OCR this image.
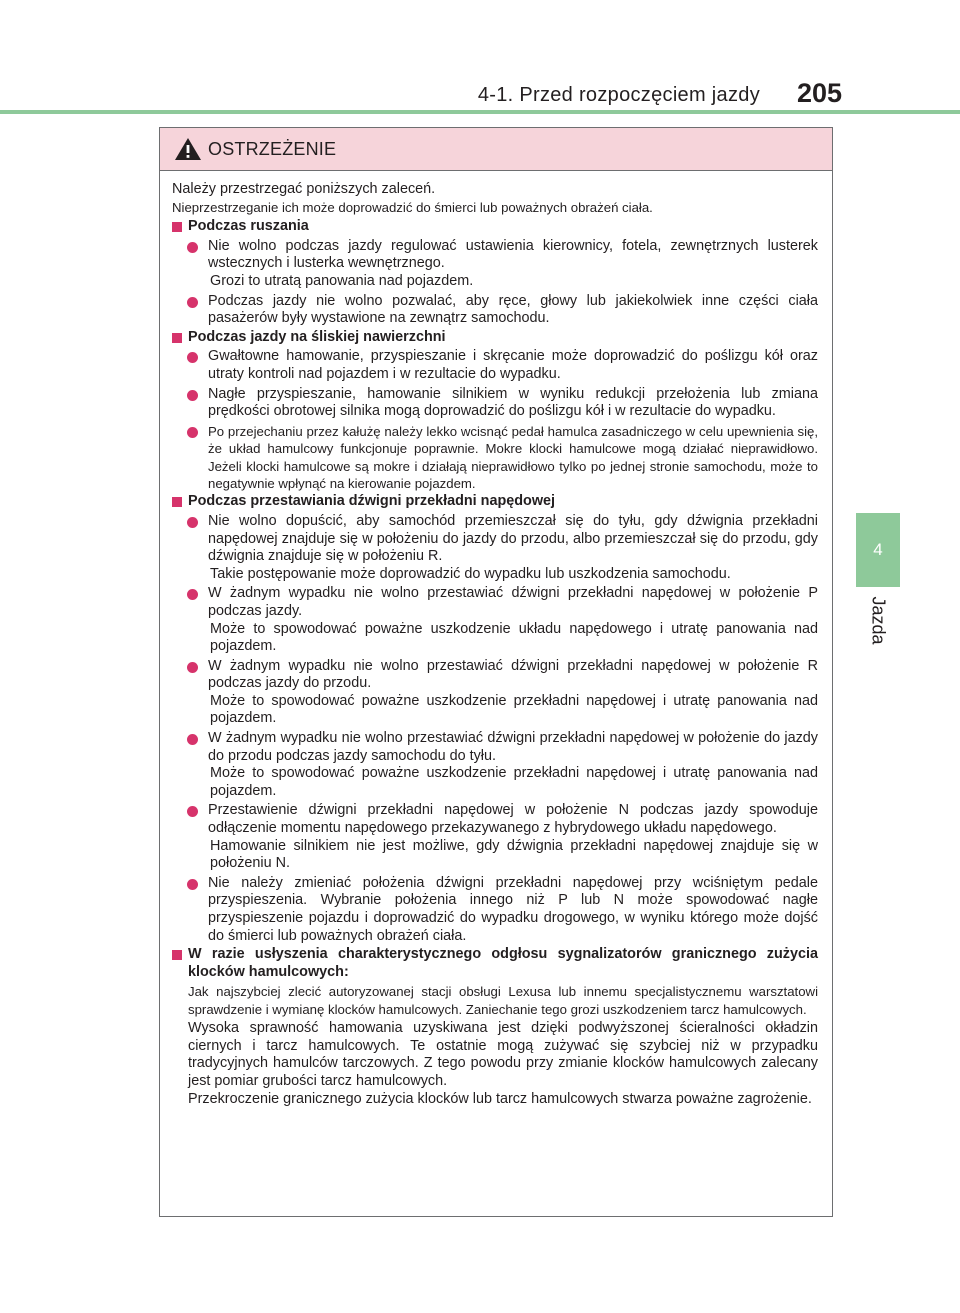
4-1. Przed rozpoczęciem jazdy 205
4
Jazda
OSTRZEŻENIE

Należy przestrzegać poniższych zaleceń.

Nieprzestrzeganie ich może doprowadzić do śmierci lub poważnych obrażeń ciała.

Podczas ruszania
Nie wolno podczas jazdy regulować ustawienia kierownicy, fotela, zewnętrznych lusterek wstecznych i lusterka wewnętrznego.
Grozi to utratą panowania nad pojazdem.
Podczas jazdy nie wolno pozwalać, aby ręce, głowy lub jakiekolwiek inne części ciała pasażerów były wystawione na zewnątrz samochodu.
Podczas jazdy na śliskiej nawierzchni
Gwałtowne hamowanie, przyspieszanie i skręcanie może doprowadzić do poślizgu kół oraz utraty kontroli nad pojazdem i w rezultacie do wypadku.
Nagłe przyspieszanie, hamowanie silnikiem w wyniku redukcji przełożenia lub zmiana prędkości obrotowej silnika mogą doprowadzić do poślizgu kół i w rezultacie do wypadku.
Po przejechaniu przez kałużę należy lekko wcisnąć pedał hamulca zasadniczego w celu upewnienia się, że układ hamulcowy funkcjonuje poprawnie. Mokre klocki hamulcowe mogą działać nieprawidłowo. Jeżeli klocki hamulcowe są mokre i działają nieprawidłowo tylko po jednej stronie samochodu, może to negatywnie wpłynąć na kierowanie pojazdem.
Podczas przestawiania dźwigni przekładni napędowej
Nie wolno dopuścić, aby samochód przemieszczał się do tyłu, gdy dźwignia przekładni napędowej znajduje się w położeniu do jazdy do przodu, albo przemieszczał się do przodu, gdy dźwignia znajduje się w położeniu R.
Takie postępowanie może doprowadzić do wypadku lub uszkodzenia samochodu.
W żadnym wypadku nie wolno przestawiać dźwigni przekładni napędowej w położenie P podczas jazdy.
Może to spowodować poważne uszkodzenie układu napędowego i utratę panowania nad pojazdem.
W żadnym wypadku nie wolno przestawiać dźwigni przekładni napędowej w położenie R podczas jazdy do przodu.
Może to spowodować poważne uszkodzenie przekładni napędowej i utratę panowania nad pojazdem.
W żadnym wypadku nie wolno przestawiać dźwigni przekładni napędowej w położenie do jazdy do przodu podczas jazdy samochodu do tyłu.
Może to spowodować poważne uszkodzenie przekładni napędowej i utratę panowania nad pojazdem.
Przestawienie dźwigni przekładni napędowej w położenie N podczas jazdy spowoduje odłączenie momentu napędowego przekazywanego z hybrydowego układu napędowego.
Hamowanie silnikiem nie jest możliwe, gdy dźwignia przekładni napędowej znajduje się w położeniu N.
Nie należy zmieniać położenia dźwigni przekładni napędowej przy wciśniętym pedale przyspieszenia. Wybranie położenia innego niż P lub N może spowodować nagłe przyspieszenie pojazdu i doprowadzić do wypadku drogowego, w wyniku którego może dojść do śmierci lub poważnych obrażeń ciała.
W razie usłyszenia charakterystycznego odgłosu sygnalizatorów granicznego zużycia klocków hamulcowych:
Jak najszybciej zlecić autoryzowanej stacji obsługi Lexusa lub innemu specjalistycznemu warsztatowi sprawdzenie i wymianę klocków hamulcowych. Zaniechanie tego grozi uszkodzeniem tarcz hamulcowych.
Wysoka sprawność hamowania uzyskiwana jest dzięki podwyższonej ścieralności okładzin ciernych i tarcz hamulcowych. Te ostatnie mogą zużywać się szybciej niż w przypadku tradycyjnych hamulców tarczowych. Z tego powodu przy zmianie klocków hamulcowych zalecany jest pomiar grubości tarcz hamulcowych.
Przekroczenie granicznego zużycia klocków lub tarcz hamulcowych stwarza poważne zagrożenie.
